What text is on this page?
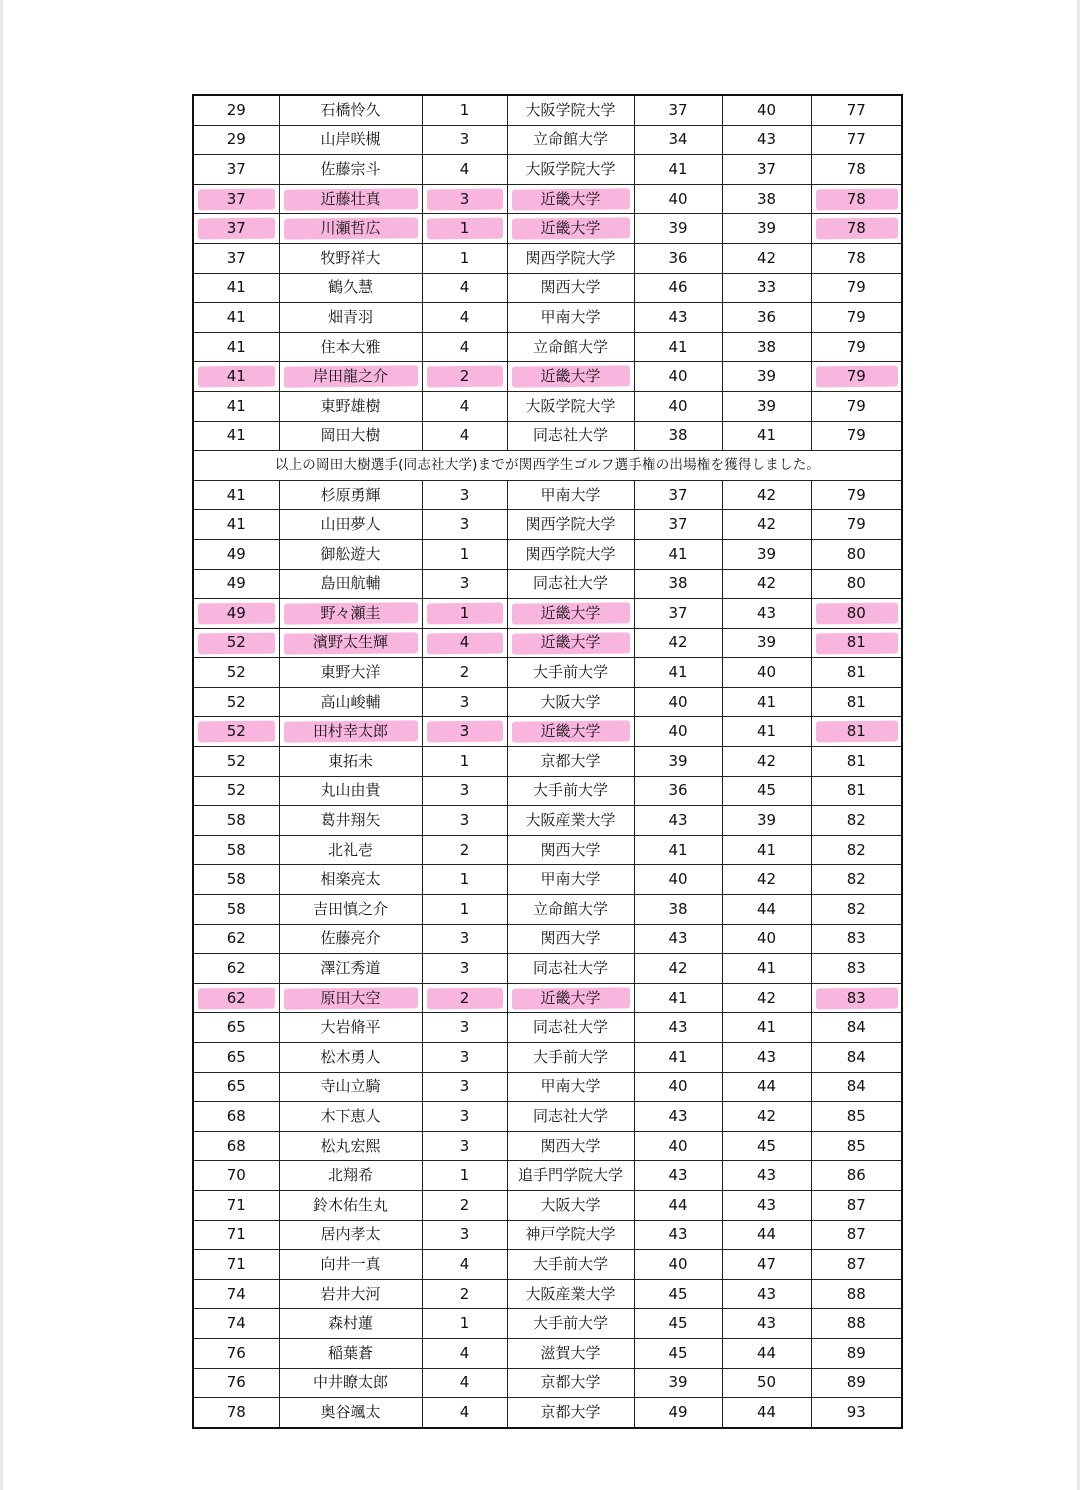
29	石橋怜久	1	大阪学院大学	37	40	77
29	山岸咲槻	3	立命館大学	34	43	77
37	佐藤宗斗	4	大阪学院大学	41	37	78

37	近藤壮真	3	近畿大学	40	38	78

37	川瀬哲広	1	近畿大学	39	39	78
37	牧野祥大	1	関西学院大学	36	42	78
41	鶴久慧	4	関西大学	46	33	79
41	畑青羽	4	甲南大学	43	36	79
41	住本大雅	4	立命館大学	41	38	79

41	岸田龍之介	2	近畿大学	40	39	79
41	東野雄樹	4	大阪学院大学	40	39	79
41	岡田大樹	4	同志社大学	38	41	79
以上の岡田大樹選手(同志社大学)までが関西学生ゴルフ選手権の出場権を獲得しました。						
41	杉原勇輝	3	甲南大学	37	42	79
41	山田夢人	3	関西学院大学	37	42	79
49	御舩遊大	1	関西学院大学	41	39	80
49	島田航輔	3	同志社大学	38	42	80

49	野々瀬圭	1	近畿大学	37	43	80

52	濱野太生輝	4	近畿大学	42	39	81
52	東野大洋	2	大手前大学	41	40	81
52	高山峻輔	3	大阪大学	40	41	81

52	田村幸太郎	3	近畿大学	40	41	81
52	東拓未	1	京都大学	39	42	81
52	丸山由貴	3	大手前大学	36	45	81
58	葛井翔矢	3	大阪産業大学	43	39	82
58	北礼壱	2	関西大学	41	41	82
58	相楽亮太	1	甲南大学	40	42	82
58	吉田慎之介	1	立命館大学	38	44	82
62	佐藤亮介	3	関西大学	43	40	83
62	澤江秀道	3	同志社大学	42	41	83

62	原田大空	2	近畿大学	41	42	83
65	大岩脩平	3	同志社大学	43	41	84
65	松木勇人	3	大手前大学	41	43	84
65	寺山立騎	3	甲南大学	40	44	84
68	木下恵人	3	同志社大学	43	42	85
68	松丸宏熙	3	関西大学	40	45	85
70	北翔希	1	追手門学院大学	43	43	86
71	鈴木佑生丸	2	大阪大学	44	43	87
71	居内孝太	3	神戸学院大学	43	44	87
71	向井一真	4	大手前大学	40	47	87
74	岩井大河	2	大阪産業大学	45	43	88
74	森村蓮	1	大手前大学	45	43	88
76	稲葉蒼	4	滋賀大学	45	44	89
76	中井瞭太郎	4	京都大学	39	50	89
78	奥谷颯太	4	京都大学	49	44	93
